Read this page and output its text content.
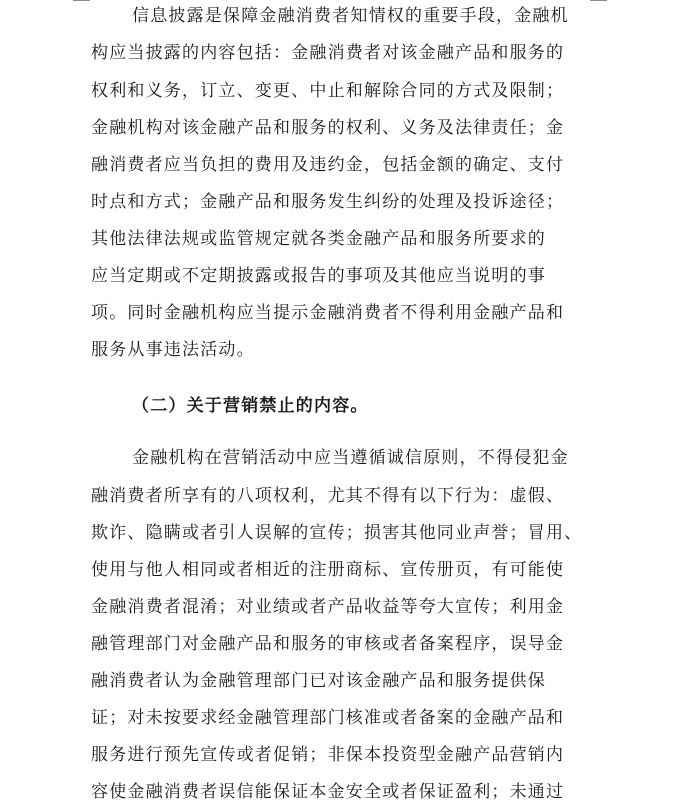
信息披露是保障金融消费者知情权的重要手段，金融机
构应当披露的内容包括：金融消费者对该金融产品和服务的
权利和义务，订立、变更、中止和解除合同的方式及限制；
金融机构对该金融产品和服务的权利、义务及法律责任；金
融消费者应当负担的费用及违约金，包括金额的确定、支付
时点和方式；金融产品和服务发生纠纷的处理及投诉途径；
其他法律法规或监管规定就各类金融产品和服务所要求的
应当定期或不定期披露或报告的事项及其他应当说明的事
项。同时金融机构应当提示金融消费者不得利用金融产品和
服务从事违法活动。
（二）关于营销禁止的内容。
金融机构在营销活动中应当遵循诚信原则，不得侵犯金
融消费者所享有的八项权利，尤其不得有以下行为：虚假、
欺诈、隐瞒或者引人误解的宣传；损害其他同业声誉；冒用、
使用与他人相同或者相近的注册商标、宣传册页，有可能使
金融消费者混淆；对业绩或者产品收益等夸大宣传；利用金
融管理部门对金融产品和服务的审核或者备案程序，误导金
融消费者认为金融管理部门已对该金融产品和服务提供保
证；对未按要求经金融管理部门核准或者备案的金融产品和
服务进行预先宣传或者促销；非保本投资型金融产品营销内
容使金融消费者误信能保证本金安全或者保证盈利；未通过
